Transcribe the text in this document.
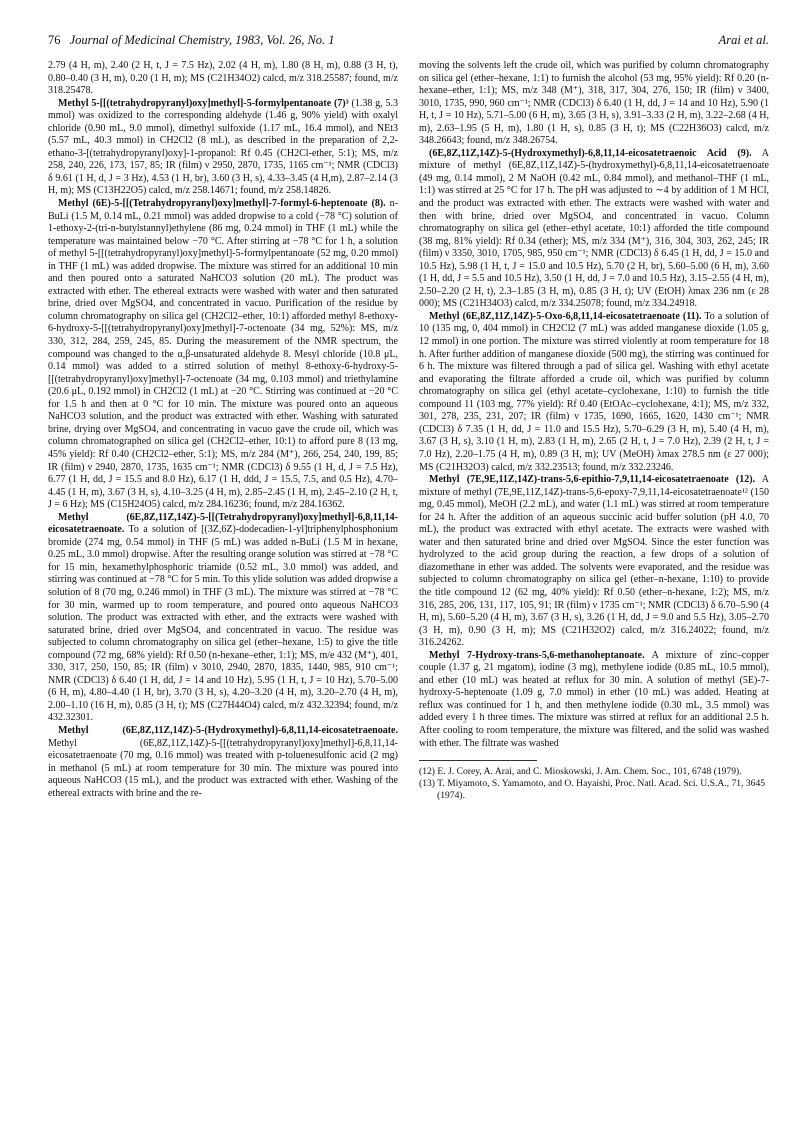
76 Journal of Medicinal Chemistry, 1983, Vol. 26, No. 1	Arai et al.

2.79 (4 H, m), 2.40 (2 H, t, J = 7.5 Hz), 2.02 (4 H, m), 1.80 (8 H, m), 0.88 (3 H, t), 0.80–0.40 (3 H, m), 0.20 (1 H, m); MS (C21H34O2) calcd, m/z 318.25587; found, m/z 318.25478.

Methyl 5-[[(tetrahydropyranyl)oxy]methyl]-5-formylpentanoate (7)³ (1.38 g, 5.3 mmol) was oxidized to the corresponding aldehyde (1.46 g, 90% yield) with oxalyl chloride (0.90 mL, 9.0 mmol), dimethyl sulfoxide (1.17 mL, 16.4 mmol), and NEt3 (5.57 mL, 40.3 mmol) in CH2Cl2 (8 mL), as described in the preparation of 2,2-ethano-3-[(tetrahydropyranyl)oxy]-1-propanol: Rf 0.45 (CH2Cl-ether, 5:1); MS, m/z 258, 240, 226, 173, 157, 85; IR (film) ν 2950, 2870, 1735, 1165 cm⁻¹; NMR (CDCl3) δ 9.61 (1 H, d, J = 3 Hz), 4.53 (1 H, br), 3.60 (3 H, s), 4.33–3.45 (4 H,m), 2.87–2.14 (3 H, m); MS (C13H22O5) calcd, m/z 258.14671; found, m/z 258.14826.

Methyl (6E)-5-[[(Tetrahydropyranyl)oxy]methyl]-7-formyl-6-heptenoate (8). n-BuLi (1.5 M, 0.14 mL, 0.21 mmol) was added dropwise to a cold (−78 °C) solution of 1-ethoxy-2-(tri-n-butylstannyl)ethylene (86 mg, 0.24 mmol) in THF (1 mL) while the temperature was maintained below −70 °C. After stirring at −78 °C for 1 h, a solution of methyl 5-[[(tetrahydropyranyl)oxy]methyl]-5-formylpentanoate (52 mg, 0.20 mmol) in THF (1 mL) was added dropwise. The mixture was stirred for an additional 10 min and then poured onto a saturated NaHCO3 solution (20 mL). The product was extracted with ether. The ethereal extracts were washed with water and then saturated brine, dried over MgSO4, and concentrated in vacuo. Purification of the residue by column chromatography on silica gel (CH2Cl2–ether, 10:1) afforded methyl 8-ethoxy-6-hydroxy-5-[[(tetrahydropyranyl)oxy]methyl]-7-octenoate (34 mg, 52%): MS, m/z 330, 312, 284, 259, 245, 85. During the measurement of the NMR spectrum, the compound was changed to the α,β-unsaturated aldehyde 8. Mesyl chloride (10.8 μL, 0.14 mmol) was added to a stirred solution of methyl 8-ethoxy-6-hydroxy-5-[[(tetrahydropyranyl)oxy]methyl]-7-octenoate (34 mg, 0.103 mmol) and triethylamine (20.6 μL, 0.192 mmol) in CH2Cl2 (1 mL) at −20 °C. Stirring was continued at −20 °C for 1.5 h and then at 0 °C for 10 min. The mixture was poured onto an aqueous NaHCO3 solution, and the product was extracted with ether. Washing with saturated brine, drying over MgSO4, and concentrating in vacuo gave the crude oil, which was column chromatographed on silica gel (CH2Cl2–ether, 10:1) to afford pure 8 (13 mg, 45% yield): Rf 0.40 (CH2Cl2–ether, 5:1); MS, m/z 284 (M⁺), 266, 254, 240, 199, 85; IR (film) ν 2940, 2870, 1735, 1635 cm⁻¹; NMR (CDCl3) δ 9.55 (1 H, d, J = 7.5 Hz), 6.77 (1 H, dd, J = 15.5 and 8.0 Hz), 6.17 (1 H, ddd, J = 15.5, 7.5, and 0.5 Hz), 4.70–4.45 (1 H, m), 3.67 (3 H, s), 4.10–3.25 (4 H, m), 2.85–2.45 (1 H, m), 2.45–2.10 (2 H, t, J = 6 Hz); MS (C15H24O5) calcd, m/z 284.16236; found, m/z 284.16362.

Methyl (6E,8Z,11Z,14Z)-5-[[(Tetrahydropyranyl)oxy]methyl]-6,8,11,14-eicosatetraenoate. To a solution of [(3Z,6Z)-dodecadien-1-yl]triphenylphosphonium bromide (274 mg, 0.54 mmol) in THF (5 mL) was added n-BuLi (1.5 M in hexane, 0.25 mL, 3.0 mmol) dropwise. After the resulting orange solution was stirred at −78 °C for 15 min, hexamethylphosphoric triamide (0.52 mL, 3.0 mmol) was added, and stirring was continued at −78 °C for 5 min. To this ylide solution was added dropwise a solution of 8 (70 mg, 0.246 mmol) in THF (3 mL). The mixture was stirred at −78 °C for 30 min, warmed up to room temperature, and poured onto aqueous NaHCO3 solution. The product was extracted with ether, and the extracts were washed with saturated brine, dried over MgSO4, and concentrated in vacuo. The residue was subjected to column chromatography on silica gel (ether–hexane, 1:5) to give the title compound (72 mg, 68% yield): Rf 0.50 (n-hexane–ether, 1:1); MS, m/e 432 (M⁺), 401, 330, 317, 250, 150, 85; IR (film) ν 3010, 2940, 2870, 1835, 1440, 985, 910 cm⁻¹; NMR (CDCl3) δ 6.40 (1 H, dd, J = 14 and 10 Hz), 5.95 (1 H, t, J = 10 Hz), 5.70–5.00 (6 H, m), 4.80–4.40 (1 H, br), 3.70 (3 H, s), 4.20–3.20 (4 H, m), 3.20–2.70 (4 H, m), 2.00–1.10 (16 H, m), 0.85 (3 H, t); MS (C27H44O4) calcd, m/z 432.32394; found, m/z 432.32301.

Methyl (6E,8Z,11Z,14Z)-5-(Hydroxymethyl)-6,8,11,14-eicosatetraenoate. Methyl (6E,8Z,11Z,14Z)-5-[[(tetrahydropyranyl)oxy]methyl]-6,8,11,14-eicosatetraenoate (70 mg, 0.16 mmol) was treated with p-toluenesulfonic acid (2 mg) in methanol (5 mL) at room temperature for 30 min. The mixture was poured into aqueous NaHCO3 (15 mL), and the product was extracted with ether. Washing of the ethereal extracts with brine and the re-

moving the solvents left the crude oil, which was purified by column chromatography on silica gel (ether–hexane, 1:1) to furnish the alcohol (53 mg, 95% yield): Rf 0.20 (n-hexane–ether, 1:1); MS, m/z 348 (M⁺), 318, 317, 304, 276, 150; IR (film) ν 3400, 3010, 1735, 990, 960 cm⁻¹; NMR (CDCl3) δ 6.40 (1 H, dd, J = 14 and 10 Hz), 5.90 (1 H, t, J = 10 Hz), 5.71–5.00 (6 H, m), 3.65 (3 H, s), 3.91–3.33 (2 H, m), 3.22–2.68 (4 H, m), 2.63–1.95 (5 H, m), 1.80 (1 H, s), 0.85 (3 H, t); MS (C22H36O3) calcd, m/z 348.26643; found, m/z 348.26754.

(6E,8Z,11Z,14Z)-5-(Hydroxymethyl)-6,8,11,14-eicosatetraenoic Acid (9). A mixture of methyl (6E,8Z,11Z,14Z)-5-(hydroxymethyl)-6,8,11,14-eicosatetraenoate (49 mg, 0.14 mmol), 2 M NaOH (0.42 mL, 0.84 mmol), and methanol–THF (1 mL, 1:1) was stirred at 25 °C for 17 h. The pH was adjusted to ∼4 by addition of 1 M HCl, and the product was extracted with ether. The extracts were washed with water and then with brine, dried over MgSO4, and concentrated in vacuo. Column chromatography on silica gel (ether–ethyl acetate, 10:1) afforded the title compound (38 mg, 81% yield): Rf 0.34 (ether); MS, m/z 334 (M⁺), 316, 304, 303, 262, 245; IR (film) ν 3350, 3010, 1705, 985, 950 cm⁻¹; NMR (CDCl3) δ 6.45 (1 H, dd, J = 15.0 and 10.5 Hz), 5.98 (1 H, t, J = 15.0 and 10.5 Hz), 5.70 (2 H, br), 5.60–5.00 (6 H, m), 3.60 (1 H, dd, J = 5.5 and 10.5 Hz), 3.50 (1 H, dd, J = 7.0 and 10.5 Hz), 3.15–2.55 (4 H, m), 2.50–2.20 (2 H, t), 2.3–1.85 (3 H, m), 0.85 (3 H, t); UV (EtOH) λmax 236 nm (ε 28 000); MS (C21H34O3) calcd, m/z 334.25078; found, m/z 334.24918.

Methyl (6E,8Z,11Z,14Z)-5-Oxo-6,8,11,14-eicosatetraenoate (11). To a solution of 10 (135 mg, 0, 404 mmol) in CH2Cl2 (7 mL) was added manganese dioxide (1.05 g, 12 mmol) in one portion. The mixture was stirred violently at room temperature for 18 h. After further addition of manganese dioxide (500 mg), the stirring was continued for 6 h. The mixture was filtered through a pad of silica gel. Washing with ethyl acetate and evaporating the filtrate afforded a crude oil, which was purified by column chromatography on silica gel (ethyl acetate–cyclohexane, 1:10) to furnish the title compound 11 (103 mg, 77% yield): Rf 0.40 (EtOAc–cyclohexane, 4:1); MS, m/z 332, 301, 278, 235, 231, 207; IR (film) ν 1735, 1690, 1665, 1620, 1430 cm⁻¹; NMR (CDCl3) δ 7.35 (1 H, dd, J = 11.0 and 15.5 Hz), 5.70–6.29 (3 H, m), 5.40 (4 H, m), 3.67 (3 H, s), 3.10 (1 H, m), 2.83 (1 H, m), 2.65 (2 H, t, J = 7.0 Hz), 2.39 (2 H, t, J = 7.0 Hz), 2.20–1.75 (4 H, m), 0.89 (3 H, m); UV (MeOH) λmax 278.5 nm (ε 27 000); MS (C21H32O3) calcd, m/z 332.23513; found, m/z 332.23246.

Methyl (7E,9E,11Z,14Z)-trans-5,6-epithio-7,9,11,14-eicosatetraenoate (12). A mixture of methyl (7E,9E,11Z,14Z)-trans-5,6-epoxy-7,9,11,14-eicosatetraenoate¹² (150 mg, 0.45 mmol), MeOH (2.2 mL), and water (1.1 mL) was stirred at room temperature for 24 h. After the addition of an aqueous succinic acid buffer solution (pH 4.0, 70 mL), the product was extracted with ethyl acetate. The extracts were washed with water and then saturated brine and dried over MgSO4. Since the ester function was hydrolyzed to the acid group during the reaction, a few drops of a solution of diazomethane in ether was added. The solvents were evaporated, and the residue was subjected to column chromatography on silica gel (ether–n-hexane, 1:10) to provide the title compound 12 (62 mg, 40% yield): Rf 0.50 (ether–n-hexane, 1:2); MS, m/z 316, 285, 206, 131, 117, 105, 91; IR (film) ν 1735 cm⁻¹; NMR (CDCl3) δ 6.70–5.90 (4 H, m), 5.60–5.20 (4 H, m), 3.67 (3 H, s), 3.26 (1 H, dd, J = 9.0 and 5.5 Hz), 3.05–2.70 (3 H, m), 0.90 (3 H, m); MS (C21H32O2) calcd, m/z 316.24022; found, m/z 316.24262.

Methyl 7-Hydroxy-trans-5,6-methanoheptanoate. A mixture of zinc–copper couple (1.37 g, 21 mgatom), iodine (3 mg), methylene iodide (0.85 mL, 10.5 mmol), and ether (10 mL) was heated at reflux for 30 min. A solution of methyl (5E)-7-hydroxy-5-heptenoate (1.09 g, 7.0 mmol) in ether (10 mL) was added. Heating at reflux was continued for 1 h, and then methylene iodide (0.30 mL, 3.5 mmol) was added every 1 h three times. The mixture was stirred at reflux for an additional 2.5 h. After cooling to room temperature, the mixture was filtered, and the solid was washed with ether. The filtrate was washed

(12) E. J. Corey, A. Arai, and C. Mioskowski, J. Am. Chem. Soc., 101, 6748 (1979).
(13) T. Miyamoto, S. Yamamoto, and O. Hayaishi, Proc. Natl. Acad. Sci. U.S.A., 71, 3645 (1974).
